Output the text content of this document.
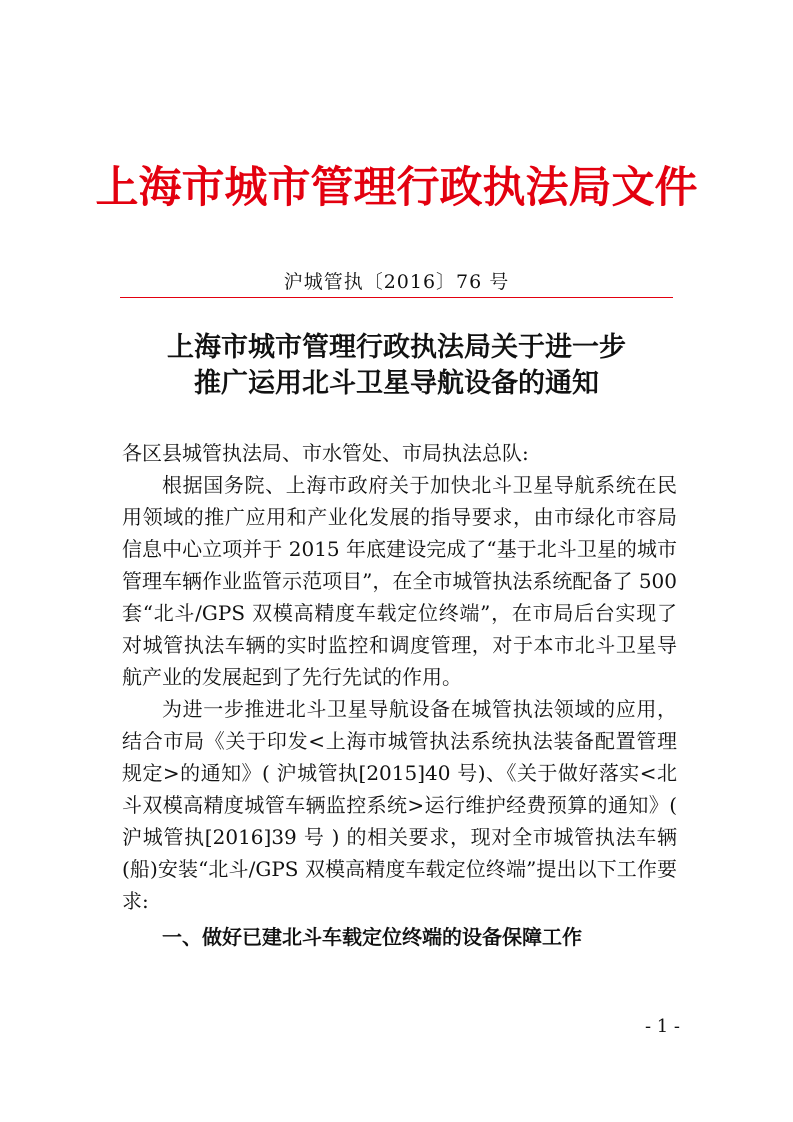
上海市城市管理行政执法局文件
沪城管执〔2016〕76 号
上海市城市管理行政执法局关于进一步
推广运用北斗卫星导航设备的通知

各区县城管执法局、市水管处、市局执法总队:

根据国务院、上海市政府关于加快北斗卫星导航系统在民用领域的推广应用和产业化发展的指导要求，由市绿化市容局信息中心立项并于 2015 年底建设完成了“基于北斗卫星的城市管理车辆作业监管示范项目”，在全市城管执法系统配备了 500 套“北斗/GPS 双模高精度车载定位终端”，在市局后台实现了对城管执法车辆的实时监控和调度管理，对于本市北斗卫星导航产业的发展起到了先行先试的作用。

为进一步推进北斗卫星导航设备在城管执法领域的应用，结合市局《关于印发<上海市城管执法系统执法装备配置管理规定>的通知》( 沪城管执[2015]40 号)、《关于做好落实<北斗双模高精度城管车辆监控系统>运行维护经费预算的通知》( 沪城管执[2016]39 号 ) 的相关要求，现对全市城管执法车辆(船)安装“北斗/GPS 双模高精度车载定位终端”提出以下工作要求:

一、做好已建北斗车载定位终端的设备保障工作

- 1 -
